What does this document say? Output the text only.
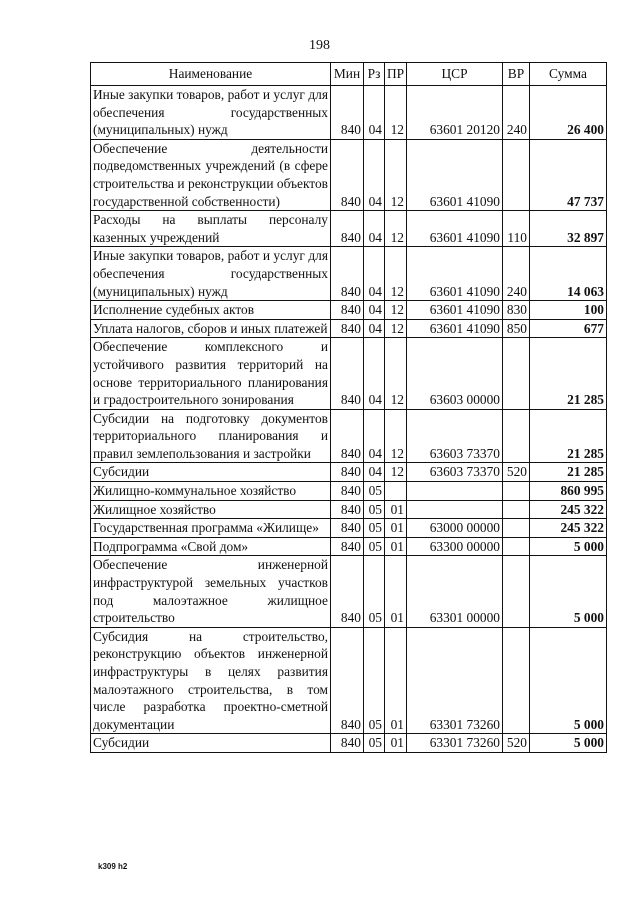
198
Наименование	Мин	Рз	ПР	ЦСР	ВР	Сумма
Иные закупки товаров, работ и услуг для обеспечения государственных (муниципальных) нужд	840	04	12	63601 20120	240	26 400
Обеспечение деятельности подведомственных учреждений (в сфере строительства и реконструкции объектов государственной собственности)	840	04	12	63601 41090		47 737
Расходы на выплаты персоналу казенных учреждений	840	04	12	63601 41090	110	32 897
Иные закупки товаров, работ и услуг для обеспечения государственных (муниципальных) нужд	840	04	12	63601 41090	240	14 063
Исполнение судебных актов	840	04	12	63601 41090	830	100
Уплата налогов, сборов и иных платежей	840	04	12	63601 41090	850	677
Обеспечение комплексного и устойчивого развития территорий на основе территориального планирования и градостроительного зонирования	840	04	12	63603 00000		21 285
Субсидии на подготовку документов территориального планирования и правил землепользования и застройки	840	04	12	63603 73370		21 285
Субсидии	840	04	12	63603 73370	520	21 285
Жилищно-коммунальное хозяйство	840	05				860 995
Жилищное хозяйство	840	05	01			245 322
Государственная программа «Жилище»	840	05	01	63000 00000		245 322
Подпрограмма «Свой дом»	840	05	01	63300 00000		5 000
Обеспечение инженерной инфраструктурой земельных участков под малоэтажное жилищное строительство	840	05	01	63301 00000		5 000
Субсидия на строительство, реконструкцию объектов инженерной инфраструктуры в целях развития малоэтажного строительства, в том числе разработка проектно-сметной документации	840	05	01	63301 73260		5 000
Субсидии	840	05	01	63301 73260	520	5 000
k309 h2
